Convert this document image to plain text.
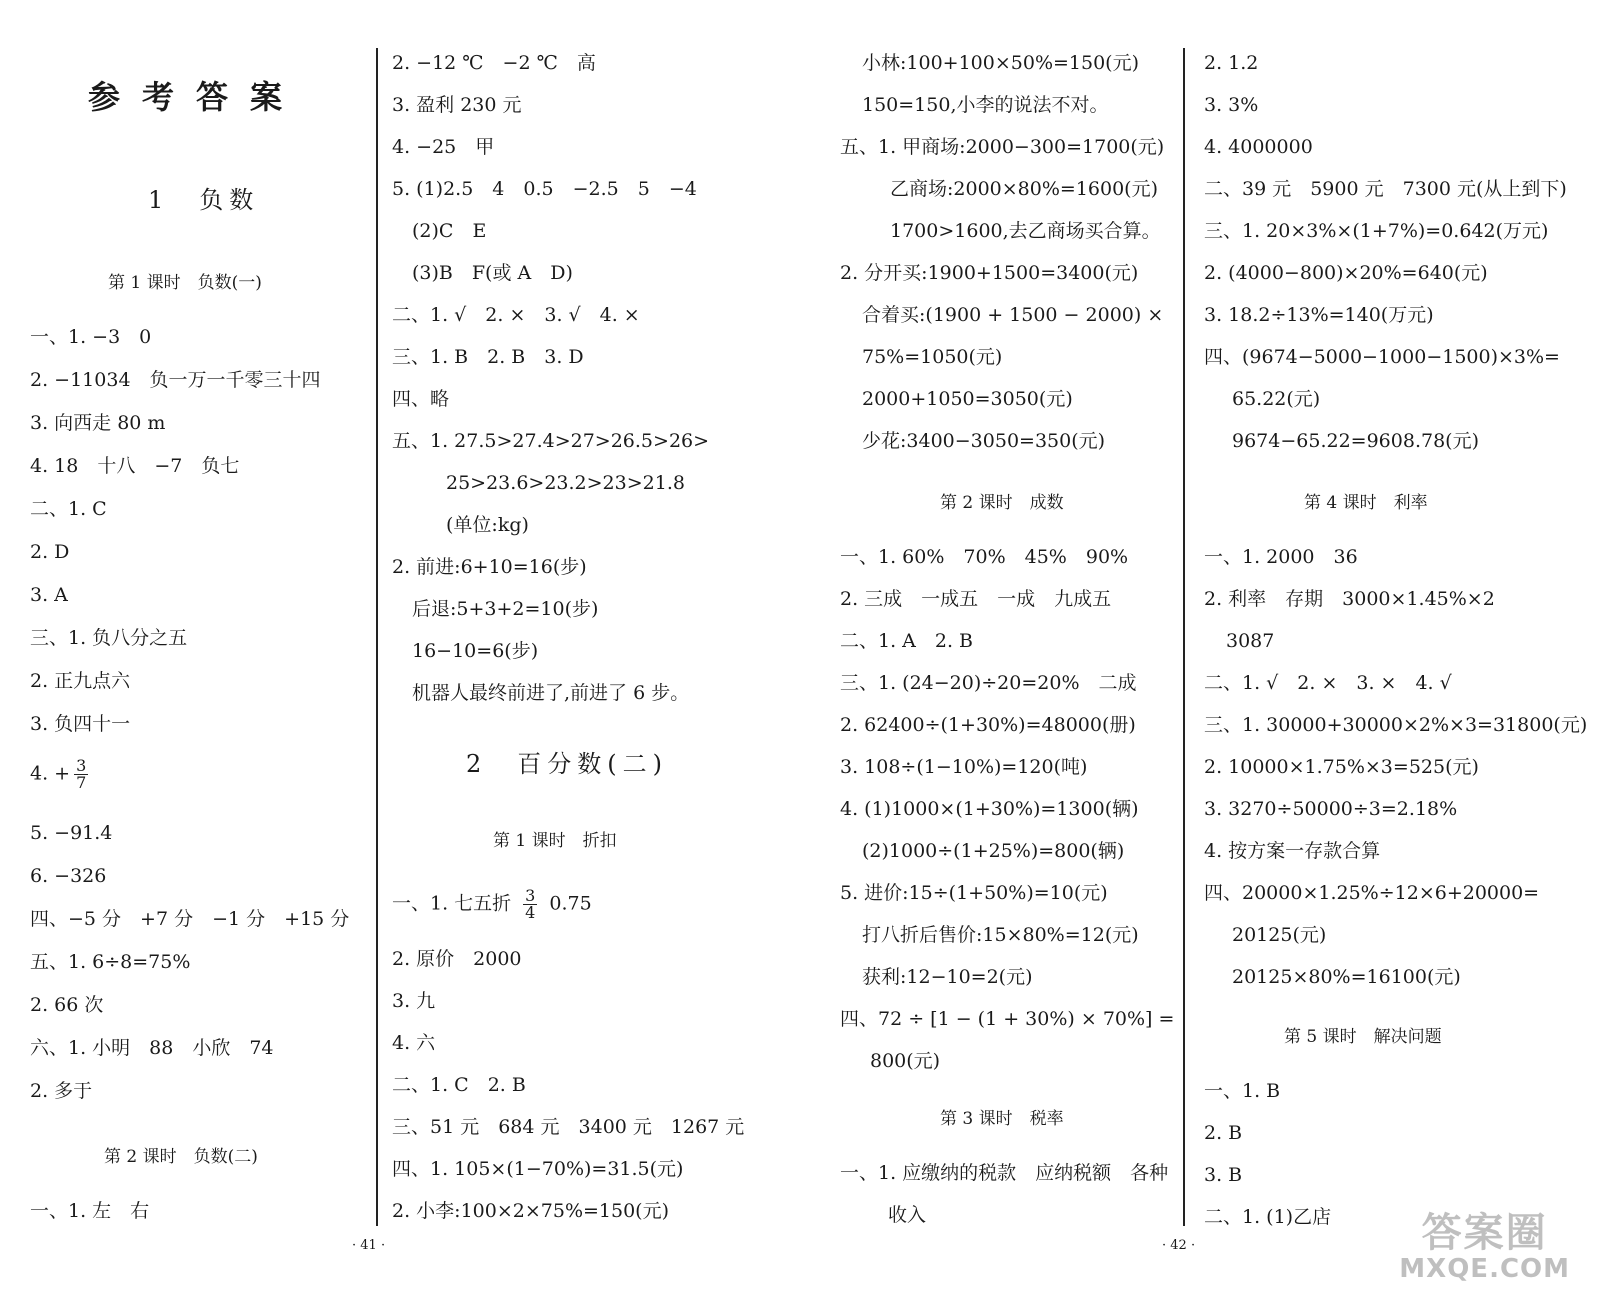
参考答案
1　负数
第 1 课时　负数(一)
一、1. −3　0
2. −11034　负一万一千零三十四
3. 向西走 80 m
4. 18　十八　−7　负七
二、1. C
2. D
3. A
三、1. 负八分之五
2. 正九点六
3. 负四十一
4. + $\frac{3}{7}$
5. −91.4
6. −326
四、−5 分　+7 分　−1 分　+15 分
五、1. 6÷8=75%
2. 66 次
六、1. 小明　88　小欣　74
2. 多于
第 2 课时　负数(二)
一、1. 左　右
2. −12 ℃　−2 ℃　高
3. 盈利 230 元
4. −25　甲
5. (1)2.5　4　0.5　−2.5　5　−4
(2)C　E
(3)B　F(或 A　D)
二、1. √　2. ×　3. √　4. ×
三、1. B　2. B　3. D
四、略
五、1. 27.5>27.4>27>26.5>26>
25>23.6>23.2>23>21.8
(单位:kg)
2. 前进:6+10=16(步)
后退:5+3+2=10(步)
16−10=6(步)
机器人最终前进了,前进了 6 步。
2　百分数(二)
第 1 课时　折扣
一、1. 七五折 $\frac{3}{4} 0.75$
2. 原价　2000
3. 九
4. 六
二、1. C　2. B
三、51 元　684 元　3400 元　1267 元
四、1. 105×(1−70%)=31.5(元)
2. 小李:100×2×75%=150(元)
· 41 ·
小林:100+100×50%=150(元)
150=150,小李的说法不对。
五、1. 甲商场:2000−300=1700(元)
乙商场:2000×80%=1600(元)
1700>1600,去乙商场买合算。
2. 分开买:1900+1500=3400(元)
合着买:(1900 + 1500 − 2000) ×
75%=1050(元)
2000+1050=3050(元)
少花:3400−3050=350(元)
第 2 课时　成数
一、1. 60%　70%　45%　90%
2. 三成　一成五　一成　九成五
二、1. A　2. B
三、1. (24−20)÷20=20%　二成
2. 62400÷(1+30%)=48000(册)
3. 108÷(1−10%)=120(吨)
4. (1)1000×(1+30%)=1300(辆)
(2)1000÷(1+25%)=800(辆)
5. 进价:15÷(1+50%)=10(元)
打八折后售价:15×80%=12(元)
获利:12−10=2(元)
四、72 ÷ [1 − (1 + 30%) × 70%] =
800(元)
第 3 课时　税率
一、1. 应缴纳的税款　应纳税额　各种
收入
2. 1.2
3. 3%
4. 4000000
二、39 元　5900 元　7300 元(从上到下)
三、1. 20×3%×(1+7%)=0.642(万元)
2. (4000−800)×20%=640(元)
3. 18.2÷13%=140(万元)
四、(9674−5000−1000−1500)×3%=
65.22(元)
9674−65.22=9608.78(元)
第 4 课时　利率
一、1. 2000　36
2. 利率　存期　3000×1.45%×2
3087
二、1. √　2. ×　3. ×　4. √
三、1. 30000+30000×2%×3=31800(元)
2. 10000×1.75%×3=525(元)
3. 3270÷50000÷3=2.18%
4. 按方案一存款合算
四、20000×1.25%÷12×6+20000=
20125(元)
20125×80%=16100(元)
第 5 课时　解决问题
一、1. B
2. B
3. B
二、1. (1)乙店
· 42 ·	答案圈
MXQE.COM
